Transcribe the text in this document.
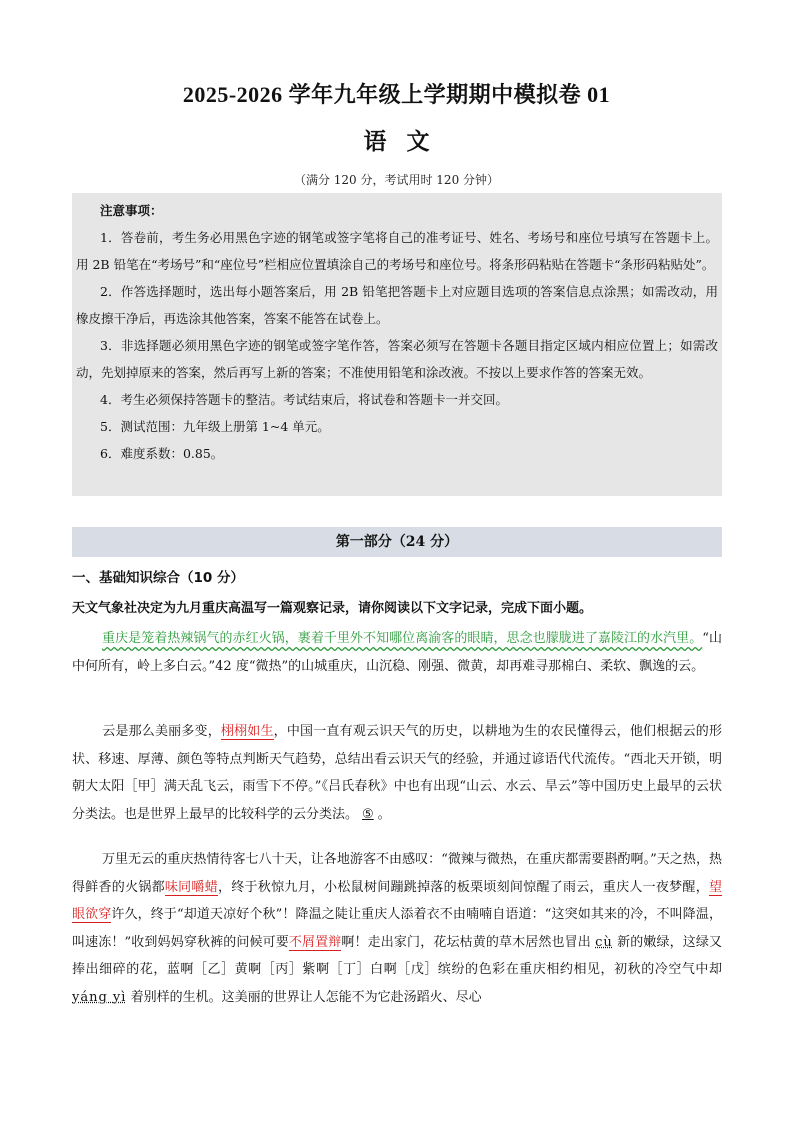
2025-2026 学年九年级上学期期中模拟卷 01
语文
（满分 120 分，考试用时 120 分钟）
注意事项：
1．答卷前，考生务必用黑色字迹的钢笔或签字笔将自己的准考证号、姓名、考场号和座位号填写在答题卡上。用 2B 铅笔在“考场号”和“座位号”栏相应位置填涂自己的考场号和座位号。将条形码粘贴在答题卡“条形码粘贴处”。
2．作答选择题时，选出每小题答案后，用 2B 铅笔把答题卡上对应题目选项的答案信息点涂黑；如需改动，用橡皮擦干净后，再选涂其他答案，答案不能答在试卷上。
3．非选择题必须用黑色字迹的钢笔或签字笔作答，答案必须写在答题卡各题目指定区域内相应位置上；如需改动，先划掉原来的答案，然后再写上新的答案；不准使用铅笔和涂改液。不按以上要求作答的答案无效。
4．考生必须保持答题卡的整洁。考试结束后，将试卷和答题卡一并交回。
5．测试范围：九年级上册第 1~4 单元。
6．难度系数：0.85。
第一部分（24 分）
一、基础知识综合（10 分）
天文气象社决定为九月重庆高温写一篇观察记录，请你阅读以下文字记录，完成下面小题。
重庆是笼着热辣锅气的赤红火锅，裹着千里外不知哪位离渝客的眼睛，思念也朦胧进了嘉陵江的水汽里。“山中何所有，岭上多白云。”42 度“微热”的山城重庆，山沉稳、刚强、微黄，却再难寻那棉白、柔软、飘逸的云。
云是那么美丽多变，栩栩如生，中国一直有观云识天气的历史，以耕地为生的农民懂得云，他们根据云的形状、移速、厚薄、颜色等特点判断天气趋势，总结出看云识天气的经验，并通过谚语代代流传。“西北天开锁，明朝大太阳［甲］满天乱飞云，雨雪下不停。”《吕氏春秋》中也有出现“山云、水云、旱云”等中国历史上最早的云状分类法。也是世界上最早的比较科学的云分类法。 ⑤ 。
万里无云的重庆热情待客七八十天，让各地游客不由感叹：“微辣与微热，在重庆都需要斟酌啊。”天之热，热得鲜香的火锅都味同嚼蜡，终于秋惊九月，小松鼠树间蹦跳掉落的板栗顷刻间惊醒了雨云，重庆人一夜梦醒，望眼欲穿许久，终于“却道天凉好个秋”！降温之陡让重庆人添着衣不由喃喃自语道：“这突如其来的冷，不叫降温，叫速冻！”收到妈妈穿秋裤的问候可要不屑置辩啊！走出家门，花坛枯黄的草木居然也冒出 cù 新的嫩绿，这绿又捧出细碎的花，蓝啊［乙］黄啊［丙］紫啊［丁］白啊［戊］缤纷的色彩在重庆相约相见，初秋的冷空气中却 yáng yì 着别样的生机。这美丽的世界让人怎能不为它赴汤蹈火、尽心
